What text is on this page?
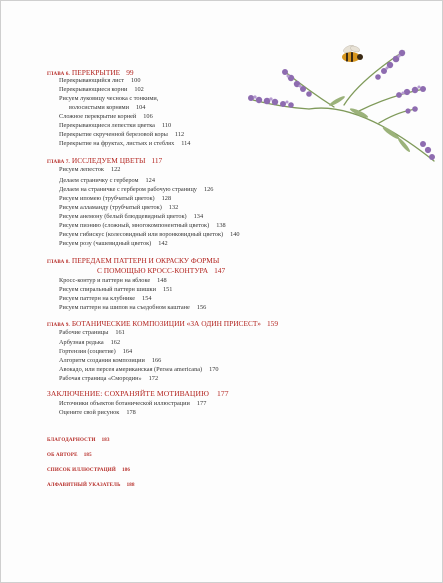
ГЛАВА 6. ПЕРЕКРЫТИЕ 99
Перекрывающийся лист 100
Перекрывающиеся корни 102
Рисуем луковицу чеснока с тонкими,
волосистыми корнями 104
Сложное перекрытие корней 106
Перекрывающиеся лепестки цветка 110
Перекрытие скрученной березовой коры 112
Перекрытие на фруктах, листьях и стеблях 114
ГЛАВА 7. ИССЛЕДУЕМ ЦВЕТЫ 117
Рисуем лепесток 122
Делаем страничку с гербером 124
Делаем на страничке с гербером рабочую страницу 126
Рисуем ипомею (трубчатый цветок) 128
Рисуем алламанду (трубчатый цветок) 132
Рисуем анемону (белый блюдцевидный цветок) 134
Рисуем пиэнию (сложный, многокомпонентный цветок) 138
Рисуем гибискус (колесовидный или воронковидный цветок) 140
Рисуем розу (чашевидный цветок) 142
ГЛАВА 8. ПЕРЕДАЕМ ПАТТЕРН И ОКРАСКУ ФОРМЫ
С ПОМОЩЬЮ КРОСС-КОНТУРА 147
Кросс-контур и паттерн на яблоке 148
Рисуем спиральный паттерн шишки 151
Рисуем паттерн на клубнике 154
Рисуем паттерн на шипов на съедобном каштане 156
ГЛАВА 9. БОТАНИЧЕСКИЕ КОМПОЗИЦИИ «ЗА ОДИН ПРИСЕСТ» 159
Рабочие страницы 161
Арбузная редька 162
Гортензия (соцветие) 164
Алгоритм создания композиции 166
Авокадо, или персея американская (Persea americana) 170
Рабочая страница «Смородин» 172
ЗАКЛЮЧЕНИЕ: СОХРАНЯЙТЕ МОТИВАЦИЮ 177
Источники объектов ботанической иллюстрации 177
Оцените свой рисунок 178
БЛАГОДАРНОСТИ 183
ОБ АВТОРЕ 185
СПИСОК ИЛЛЮСТРАЦИЙ 186
АЛФАВИТНЫЙ УКАЗАТЕЛЬ 188
